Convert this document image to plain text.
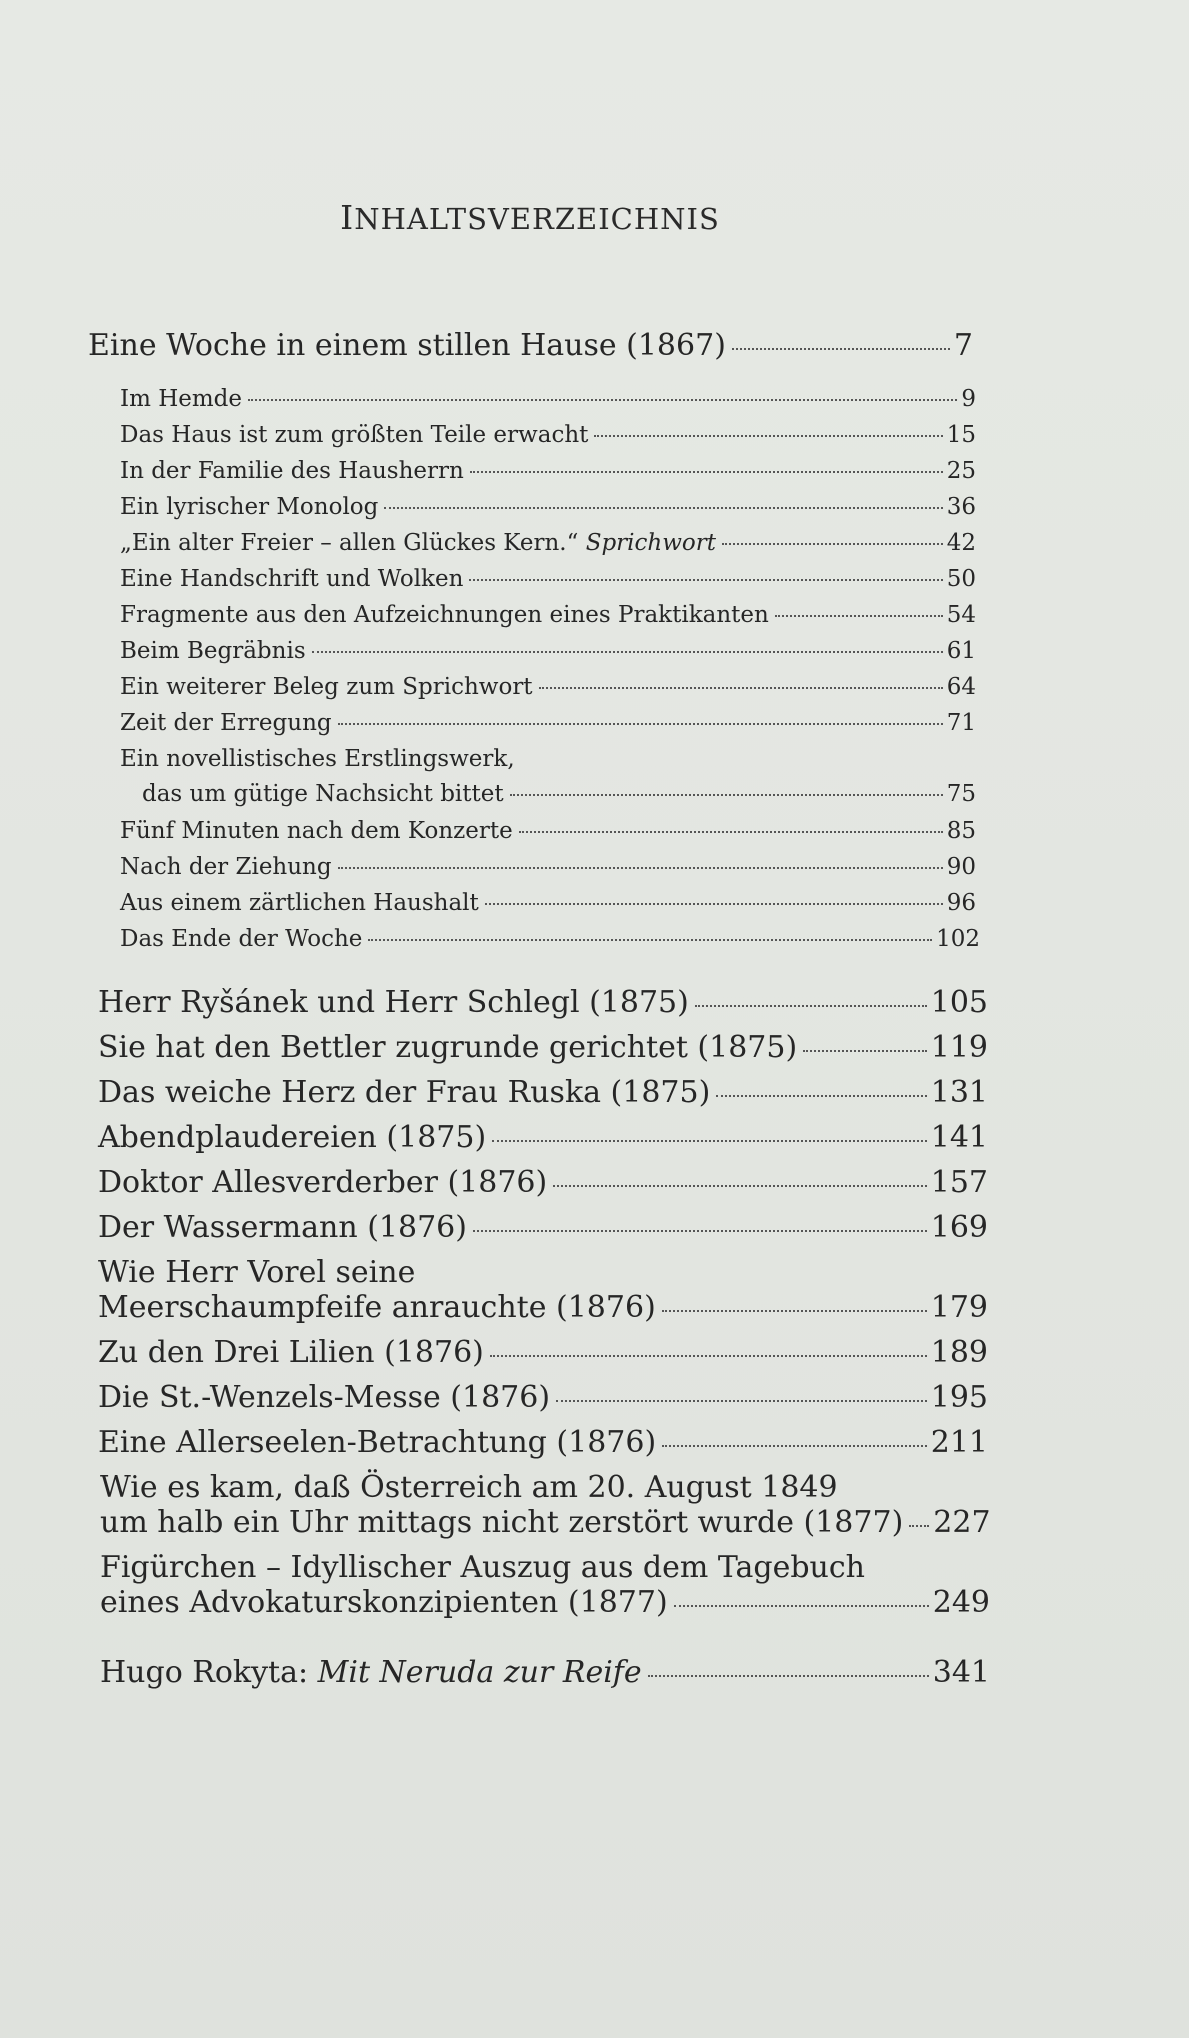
INHALTSVERZEICHNIS
Eine Woche in einem stillen Hause (1867)	7
Im Hemde	9
Das Haus ist zum größten Teile erwacht	15
In der Familie des Hausherrn	25
Ein lyrischer Monolog	36
„Ein alter Freier – allen Glückes Kern.“ Sprichwort	42
Eine Handschrift und Wolken	50
Fragmente aus den Aufzeichnungen eines Praktikanten	54
Beim Begräbnis	61
Ein weiterer Beleg zum Sprichwort	64
Zeit der Erregung	71
Ein novellistisches Erstlingswerk,
das um gütige Nachsicht bittet	75
Fünf Minuten nach dem Konzerte	85
Nach der Ziehung	90
Aus einem zärtlichen Haushalt	96
Das Ende der Woche	102
Herr Ryšánek und Herr Schlegl (1875)	105
Sie hat den Bettler zugrunde gerichtet (1875)	119
Das weiche Herz der Frau Ruska (1875)	131
Abendplaudereien (1875)	141
Doktor Allesverderber (1876)	157
Der Wassermann (1876)	169
Wie Herr Vorel seine
Meerschaumpfeife anrauchte (1876)	179
Zu den Drei Lilien (1876)	189
Die St.-Wenzels-Messe (1876)	195
Eine Allerseelen-Betrachtung (1876)	211
Wie es kam, daß Österreich am 20. August 1849
um halb ein Uhr mittags nicht zerstört wurde (1877) 227
Figürchen – Idyllischer Auszug aus dem Tagebuch
eines Advokaturskonzipienten (1877)	249
Hugo Rokyta: Mit Neruda zur Reife	341
